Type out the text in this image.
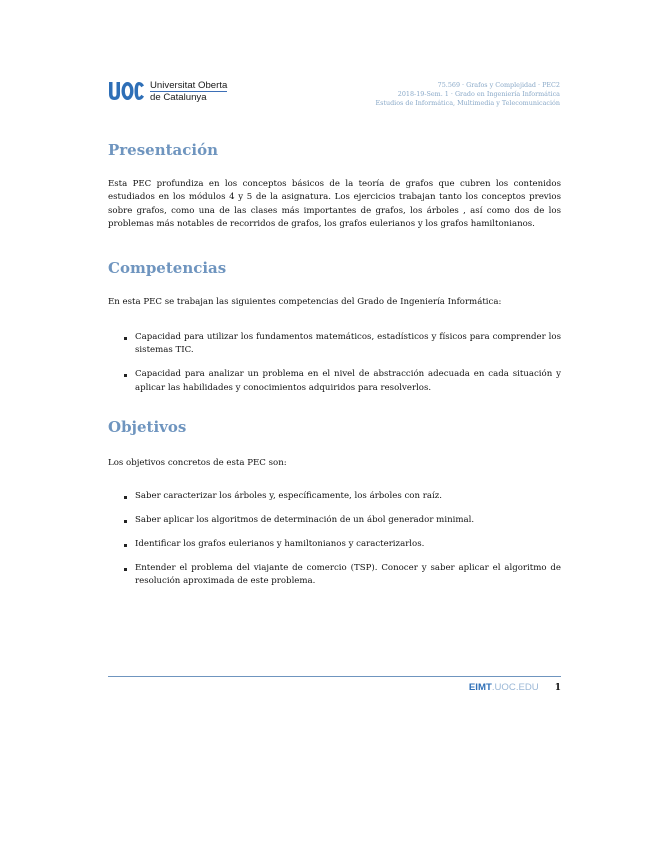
Universitat Oberta
de Catalunya
75.569 · Grafos y Complejidad · PEC2
2018-19-Sem. 1 · Grado en Ingeniería Informática
Estudios de Informática, Multimedia y Telecomunicación
Presentación

Esta PEC profundiza en los conceptos básicos de la teoría de grafos que cubren los contenidos estudiados en los módulos 4 y 5 de la asignatura. Los ejercicios trabajan tanto los conceptos previos sobre grafos, como una de las clases más importantes de grafos, los árboles , así como dos de los problemas más notables de recorridos de grafos, los grafos eulerianos y los grafos hamiltonianos.

Competencias

En esta PEC se trabajan las siguientes competencias del Grado de Ingeniería Informática:

Capacidad para utilizar los fundamentos matemáticos, estadísticos y físicos para comprender los sistemas TIC.
Capacidad para analizar un problema en el nivel de abstracción adecuada en cada situación y aplicar las habilidades y conocimientos adquiridos para resolverlos.
Objetivos

Los objetivos concretos de esta PEC son:

Saber caracterizar los árboles y, específicamente, los árboles con raíz.
Saber aplicar los algoritmos de determinación de un ábol generador minimal.
Identificar los grafos eulerianos y hamiltonianos y caracterizarlos.
Entender el problema del viajante de comercio (TSP). Conocer y saber aplicar el algoritmo de resolución aproximada de este problema.
EIMT .UOC.EDU 1
